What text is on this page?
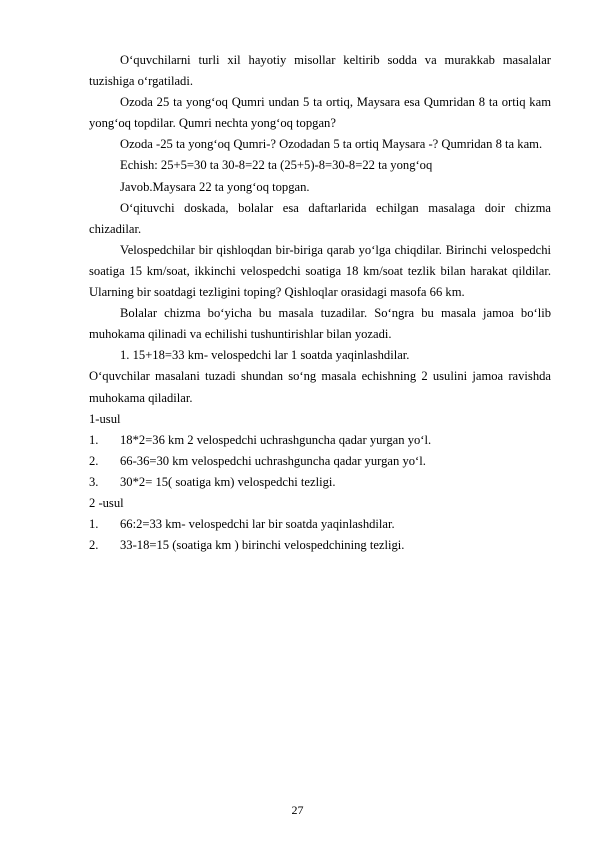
O‘quvchilarni turli xil hayotiy misollar keltirib sodda va murakkab masalalar tuzishiga o‘rgatiladi.

Ozoda 25 ta yong‘oq Qumri undan 5 ta ortiq, Maysara esa Qumridan 8 ta ortiq kam yong‘oq topdilar. Qumri nechta yong‘oq topgan?

Ozoda -25 ta yong‘oq Qumri-? Ozodadan 5 ta ortiq Maysara -? Qumridan 8 ta kam.

Echish: 25+5=30 ta 30-8=22 ta (25+5)-8=30-8=22 ta yong‘oq

Javob.Maysara 22 ta yong‘oq topgan.

O‘qituvchi doskada, bolalar esa daftarlarida echilgan masalaga doir chizma chizadilar.

Velospedchilar bir qishloqdan bir-biriga qarab yo‘lga chiqdilar. Birinchi velospedchi soatiga 15 km/soat, ikkinchi velospedchi soatiga 18 km/soat tezlik bilan harakat qildilar. Ularning bir soatdagi tezligini toping? Qishloqlar orasidagi masofa 66 km.

Bolalar chizma bo‘yicha bu masala tuzadilar. So‘ngra bu masala jamoa bo‘lib muhokama qilinadi va echilishi tushuntirishlar bilan yozadi.

1. 15+18=33 km- velospedchi lar 1 soatda yaqinlashdilar.

O‘quvchilar masalani tuzadi shundan so‘ng masala echishning 2 usulini jamoa ravishda muhokama qiladilar.

1-usul

1.	18*2=36 km 2 velospedchi uchrashguncha qadar yurgan yo‘l.
2.	66-36=30 km velospedchi uchrashguncha qadar yurgan yo‘l.
3.	30*2= 15( soatiga km) velospedchi tezligi.

2 -usul

1.	66:2=33 km- velospedchi lar bir soatda yaqinlashdilar.
2.	33-18=15 (soatiga km ) birinchi velospedchining tezligi.
27
